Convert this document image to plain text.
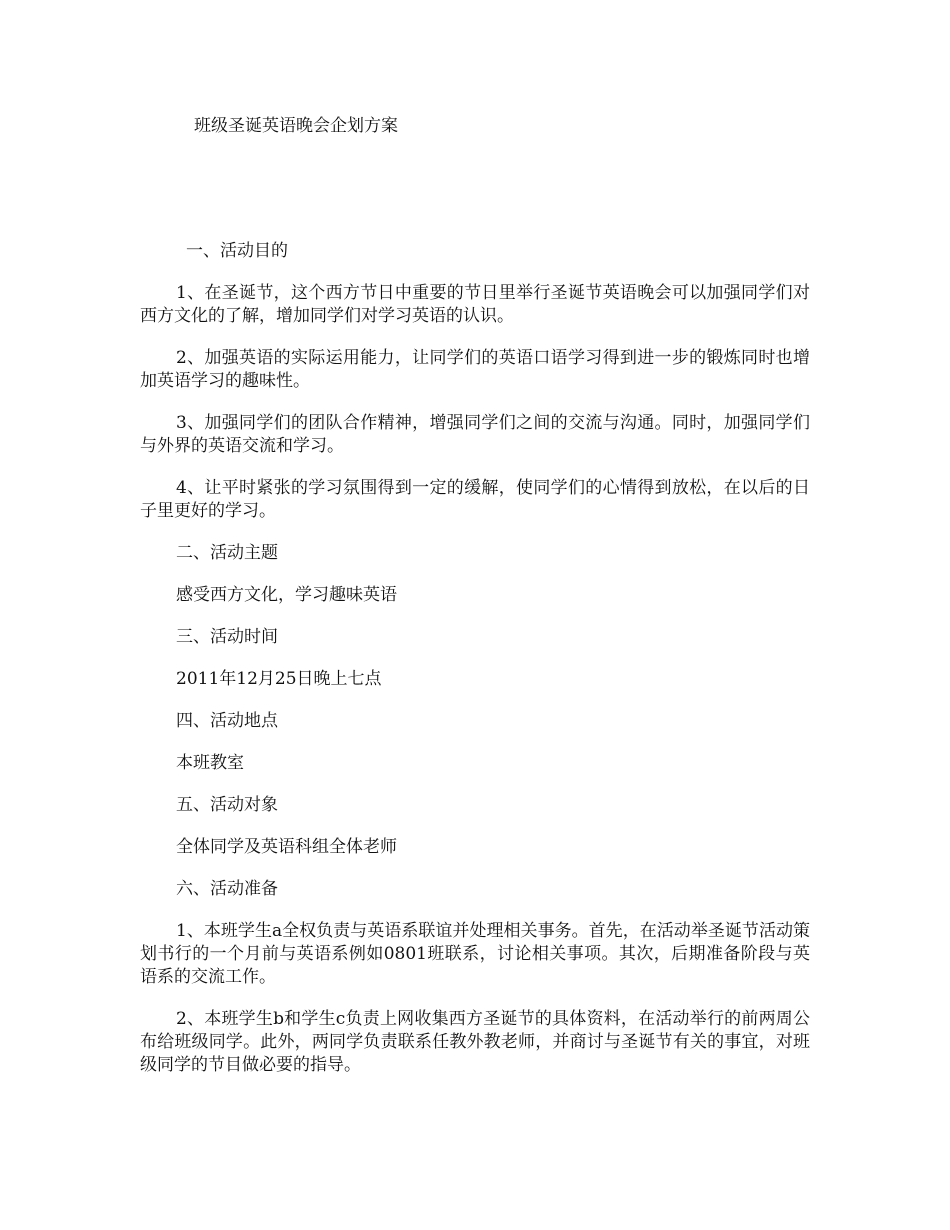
班级圣诞英语晚会企划方案

一、活动目的

1、在圣诞节，这个西方节日中重要的节日里举行圣诞节英语晚会可以加强同学们对西方文化的了解，增加同学们对学习英语的认识。

2、加强英语的实际运用能力，让同学们的英语口语学习得到进一步的锻炼同时也增加英语学习的趣味性。

3、加强同学们的团队合作精神，增强同学们之间的交流与沟通。同时，加强同学们与外界的英语交流和学习。

4、让平时紧张的学习氛围得到一定的缓解，使同学们的心情得到放松，在以后的日子里更好的学习。

二、活动主题

感受西方文化，学习趣味英语

三、活动时间

2011年12月25日晚上七点

四、活动地点

本班教室

五、活动对象

全体同学及英语科组全体老师

六、活动准备

1、本班学生a全权负责与英语系联谊并处理相关事务。首先，在活动举圣诞节活动策划书行的一个月前与英语系例如0801班联系，讨论相关事项。其次，后期准备阶段与英语系的交流工作。

2、本班学生b和学生c负责上网收集西方圣诞节的具体资料，在活动举行的前两周公布给班级同学。此外，两同学负责联系任教外教老师，并商讨与圣诞节有关的事宜，对班级同学的节目做必要的指导。
